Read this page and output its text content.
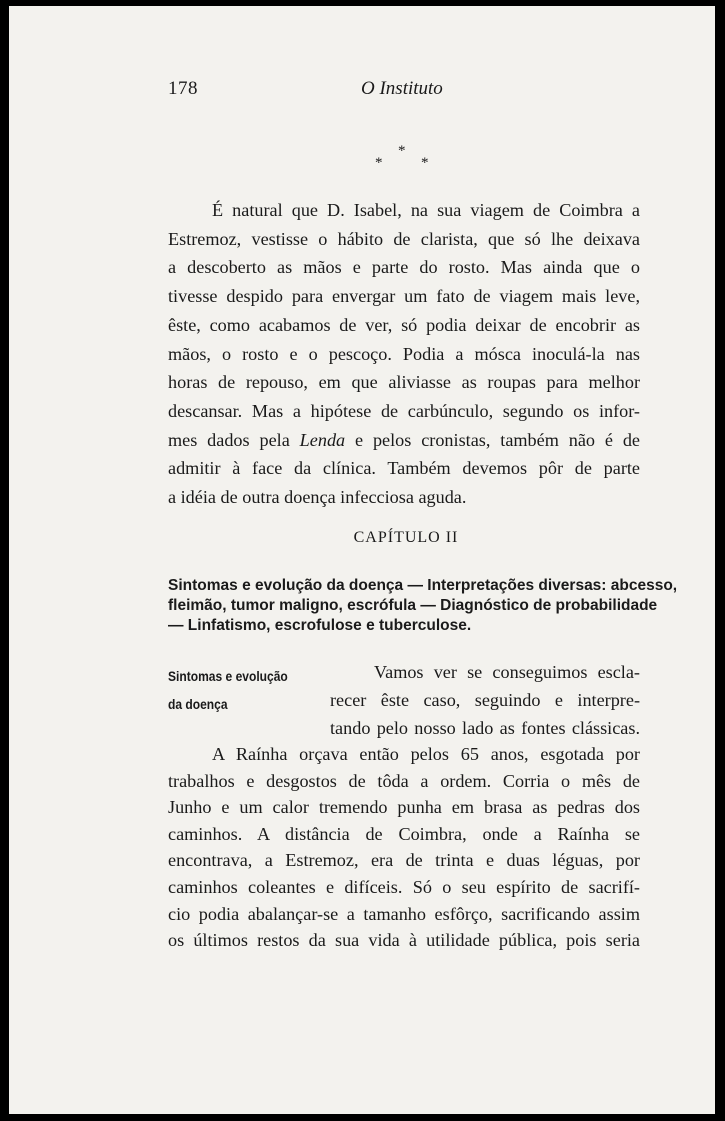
178	O Instituto
*
*
*
É natural que D. Isabel, na sua viagem de Coimbra a
Estremoz, vestisse o hábito de clarista, que só lhe deixava
a descoberto as mãos e parte do rosto. Mas ainda que o
tivesse despido para envergar um fato de viagem mais leve,
êste, como acabamos de ver, só podia deixar de encobrir as
mãos, o rosto e o pescoço. Podia a mósca inoculá-la nas
horas de repouso, em que aliviasse as roupas para melhor
descansar. Mas a hipótese de carbúnculo, segundo os infor-
mes dados pela Lenda e pelos cronistas, também não é de
admitir à face da clínica. Também devemos pôr de parte
a idéia de outra doença infecciosa aguda.
CAPÍTULO II
Sintomas e evolução da doença — Interpretações diversas: abcesso,
fleimão, tumor maligno, escrófula — Diagnóstico de probabilidade
— Linfatismo, escrofulose e tuberculose.
Sintomas e evolução
da doença
Vamos ver se conseguimos escla-
recer êste caso, seguindo e interpre-
tando pelo nosso lado as fontes clássicas.
A Raínha orçava então pelos 65 anos, esgotada por
trabalhos e desgostos de tôda a ordem. Corria o mês de
Junho e um calor tremendo punha em brasa as pedras dos
caminhos. A distância de Coimbra, onde a Raínha se
encontrava, a Estremoz, era de trinta e duas léguas, por
caminhos coleantes e difíceis. Só o seu espírito de sacrifí-
cio podia abalançar-se a tamanho esfôrço, sacrificando assim
os últimos restos da sua vida à utilidade pública, pois seria
